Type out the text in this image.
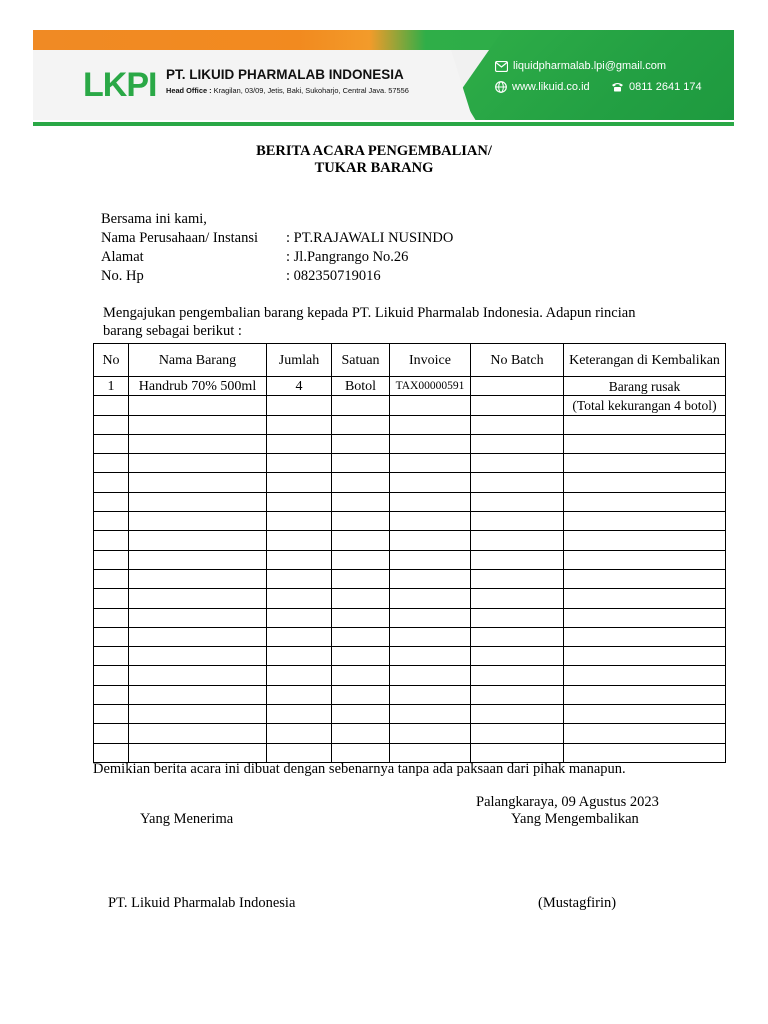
LKPI PT. LIKUID PHARMALAB INDONESIA
Head Office : Kragilan, 03/09, Jetis, Baki, Sukoharjo, Central Java. 57556
liquidpharmalab.lpi@gmail.com
www.likuid.co.id	0811 2641 174
BERITA ACARA PENGEMBALIAN/
TUKAR BARANG
Bersama ini kami,
Nama Perusahaan/ Instansi : PT.RAJAWALI NUSINDO
Alamat	: Jl.Pangrango No.26
No. Hp	: 082350719016
Mengajukan pengembalian barang kepada PT. Likuid Pharmalab Indonesia. Adapun rincian
barang sebagai berikut :
No	Nama Barang	Jumlah	Satuan	Invoice	No Batch	Keterangan di Kembalikan
1	Handrub 70% 500ml	4	Botol	TAX00000591		Barang rusak
						(Total kekurangan 4 botol)

Demikian berita acara ini dibuat dengan sebenarnya tanpa ada paksaan dari pihak manapun.
Palangkaraya, 09 Agustus 2023
Yang Menerima	Yang Mengembalikan
PT. Likuid Pharmalab Indonesia	(Mustagfirin)
